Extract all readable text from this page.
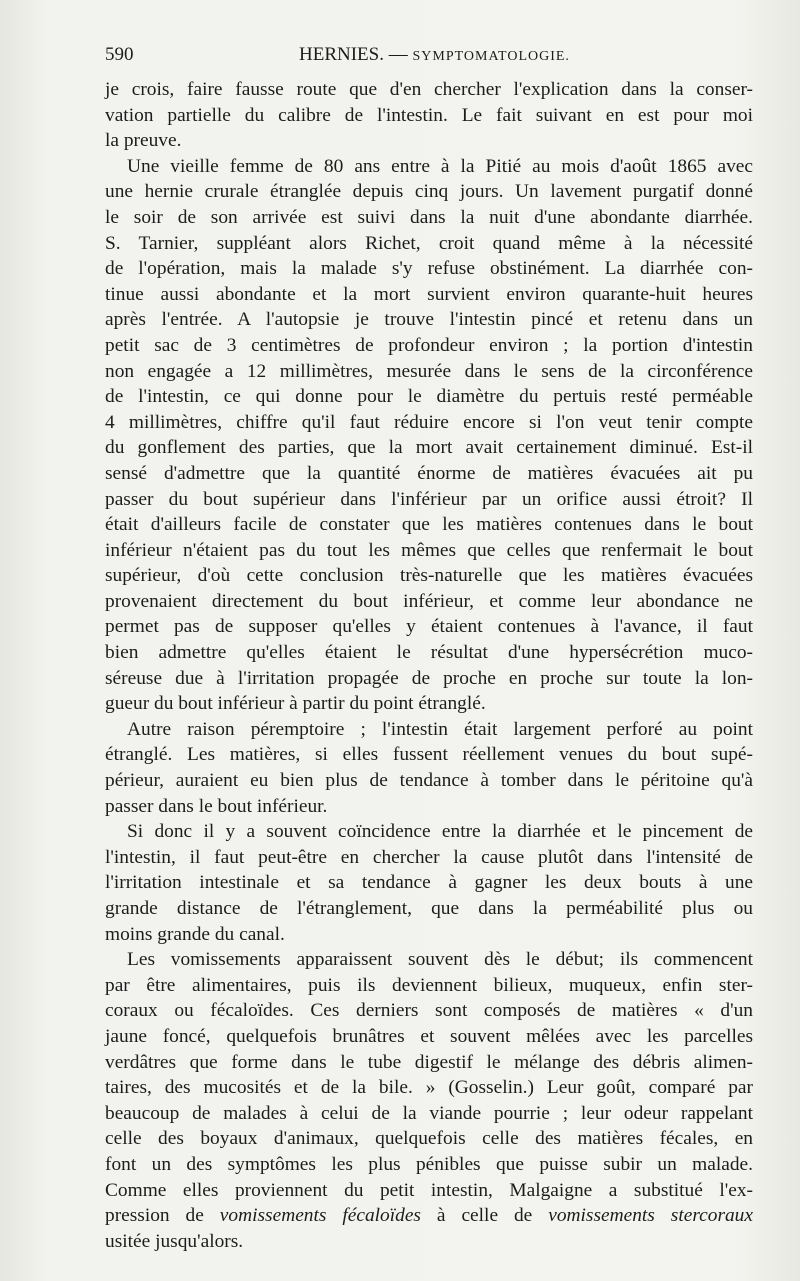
590	HERNIES. — SYMPTOMATOLOGIE.

je crois, faire fausse route que d'en chercher l'explication dans la conser-
vation partielle du calibre de l'intestin. Le fait suivant en est pour moi
la preuve.

Une vieille femme de 80 ans entre à la Pitié au mois d'août 1865 avec
une hernie crurale étranglée depuis cinq jours. Un lavement purgatif donné
le soir de son arrivée est suivi dans la nuit d'une abondante diarrhée.
S. Tarnier, suppléant alors Richet, croit quand même à la nécessité
de l'opération, mais la malade s'y refuse obstinément. La diarrhée con-
tinue aussi abondante et la mort survient environ quarante-huit heures
après l'entrée. A l'autopsie je trouve l'intestin pincé et retenu dans un
petit sac de 3 centimètres de profondeur environ ; la portion d'intestin
non engagée a 12 millimètres, mesurée dans le sens de la circonférence
de l'intestin, ce qui donne pour le diamètre du pertuis resté perméable
4 millimètres, chiffre qu'il faut réduire encore si l'on veut tenir compte
du gonflement des parties, que la mort avait certainement diminué. Est-il
sensé d'admettre que la quantité énorme de matières évacuées ait pu
passer du bout supérieur dans l'inférieur par un orifice aussi étroit? Il
était d'ailleurs facile de constater que les matières contenues dans le bout
inférieur n'étaient pas du tout les mêmes que celles que renfermait le bout
supérieur, d'où cette conclusion très-naturelle que les matières évacuées
provenaient directement du bout inférieur, et comme leur abondance ne
permet pas de supposer qu'elles y étaient contenues à l'avance, il faut
bien admettre qu'elles étaient le résultat d'une hypersécrétion muco-
séreuse due à l'irritation propagée de proche en proche sur toute la lon-
gueur du bout inférieur à partir du point étranglé.

Autre raison péremptoire ; l'intestin était largement perforé au point
étranglé. Les matières, si elles fussent réellement venues du bout supé-
périeur, auraient eu bien plus de tendance à tomber dans le péritoine qu'à
passer dans le bout inférieur.

Si donc il y a souvent coïncidence entre la diarrhée et le pincement de
l'intestin, il faut peut-être en chercher la cause plutôt dans l'intensité de
l'irritation intestinale et sa tendance à gagner les deux bouts à une
grande distance de l'étranglement, que dans la perméabilité plus ou
moins grande du canal.

Les vomissements apparaissent souvent dès le début; ils commencent
par être alimentaires, puis ils deviennent bilieux, muqueux, enfin ster-
coraux ou fécaloïdes. Ces derniers sont composés de matières « d'un
jaune foncé, quelquefois brunâtres et souvent mêlées avec les parcelles
verdâtres que forme dans le tube digestif le mélange des débris alimen-
taires, des mucosités et de la bile. » (Gosselin.) Leur goût, comparé par
beaucoup de malades à celui de la viande pourrie ; leur odeur rappelant
celle des boyaux d'animaux, quelquefois celle des matières fécales, en
font un des symptômes les plus pénibles que puisse subir un malade.
Comme elles proviennent du petit intestin, Malgaigne a substitué l'ex-
pression de vomissements fécaloïdes à celle de vomissements stercoraux
usitée jusqu'alors.
